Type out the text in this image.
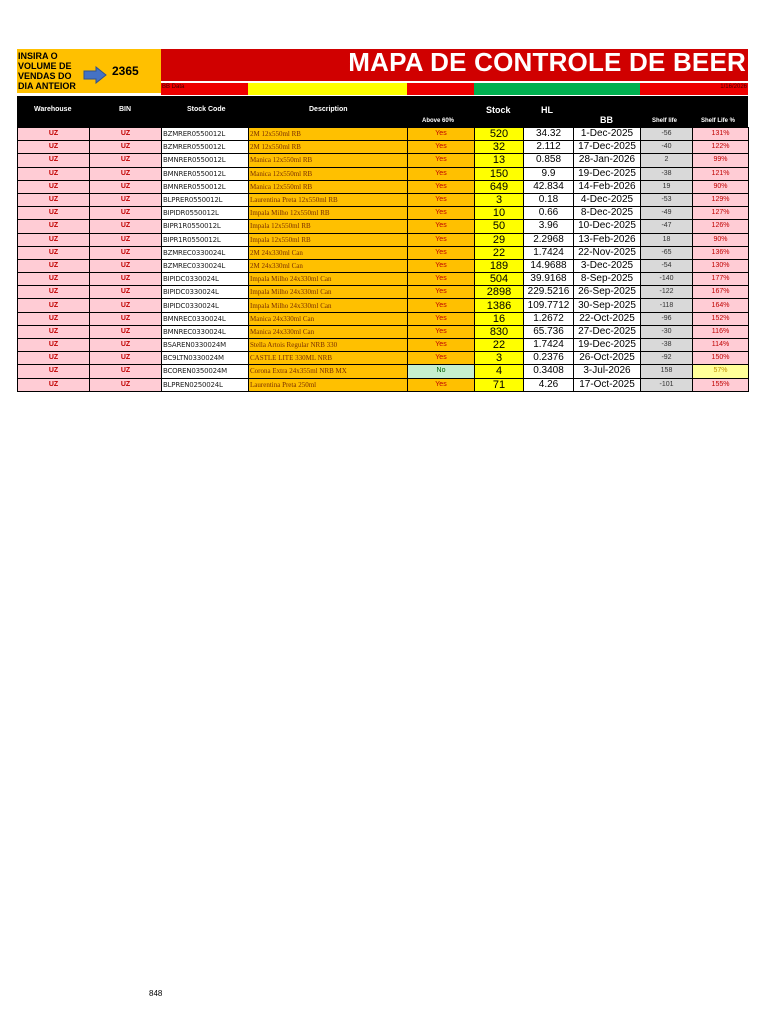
INSIRA O VOLUME DE VENDAS DO DIA ANTEIOR
2365	MAPA DE CONTROLE DE BEER
BB Data	1/16/2026
Warehouse	BIN	Stock Code	Description
Above 60%
Stock	HL
BB	Shelf life	Shelf Life %
UZ	UZ	BZMRER0550012L	2M 12x550ml RB	Yes	520	34.32	1-Dec-2025	-56	131%
UZ	UZ	BZMRER0550012L	2M 12x550ml RB	Yes	32	2.112	17-Dec-2025	-40	122%
UZ	UZ	BMNRER0550012L	Manica 12x550ml RB	Yes	13	0.858	28-Jan-2026	2	99%
UZ	UZ	BMNRER0550012L	Manica 12x550ml RB	Yes	150	9.9	19-Dec-2025	-38	121%
UZ	UZ	BMNRER0550012L	Manica 12x550ml RB	Yes	649	42.834	14-Feb-2026	19	90%
UZ	UZ	BLPRER0550012L	Laurentina Preta 12x550ml RB	Yes	3	0.18	4-Dec-2025	-53	129%
UZ	UZ	BIPIDR0550012L	Impala Milho 12x550ml RB	Yes	10	0.66	8-Dec-2025	-49	127%
UZ	UZ	BIPR1R0550012L	Impala 12x550ml RB	Yes	50	3.96	10-Dec-2025	-47	126%
UZ	UZ	BIPR1R0550012L	Impala 12x550ml RB	Yes	29	2.2968	13-Feb-2026	18	90%
UZ	UZ	BZMREC0330024L	2M 24x330ml Can	Yes	22	1.7424	22-Nov-2025	-65	136%
UZ	UZ	BZMREC0330024L	2M 24x330ml Can	Yes	189	14.9688	3-Dec-2025	-54	130%
UZ	UZ	BIPIDC0330024L	Impala Milho 24x330ml Can	Yes	504	39.9168	8-Sep-2025	-140	177%
UZ	UZ	BIPIDC0330024L	Impala Milho 24x330ml Can	Yes	2898	229.5216	26-Sep-2025	-122	167%
UZ	UZ	BIPIDC0330024L	Impala Milho 24x330ml Can	Yes	1386	109.7712	30-Sep-2025	-118	164%
UZ	UZ	BMNREC0330024L	Manica 24x330ml Can	Yes	16	1.2672	22-Oct-2025	-96	152%
UZ	UZ	BMNREC0330024L	Manica 24x330ml Can	Yes	830	65.736	27-Dec-2025	-30	116%
UZ	UZ	BSAREN0330024M	Stella Artois Regular NRB 330	Yes	22	1.7424	19-Dec-2025	-38	114%
UZ	UZ	BC9LTN0330024M	CASTLE LITE 330ML NRB	Yes	3	0.2376	26-Oct-2025	-92	150%
UZ	UZ	BCOREN0350024M	Corona Extra 24x355ml NRB MX	No	4	0.3408	3-Jul-2026	158	57%
UZ	UZ	BLPREN0250024L	Laurentina Preta 250ml	Yes	71	4.26	17-Oct-2025	-101	155%
848
